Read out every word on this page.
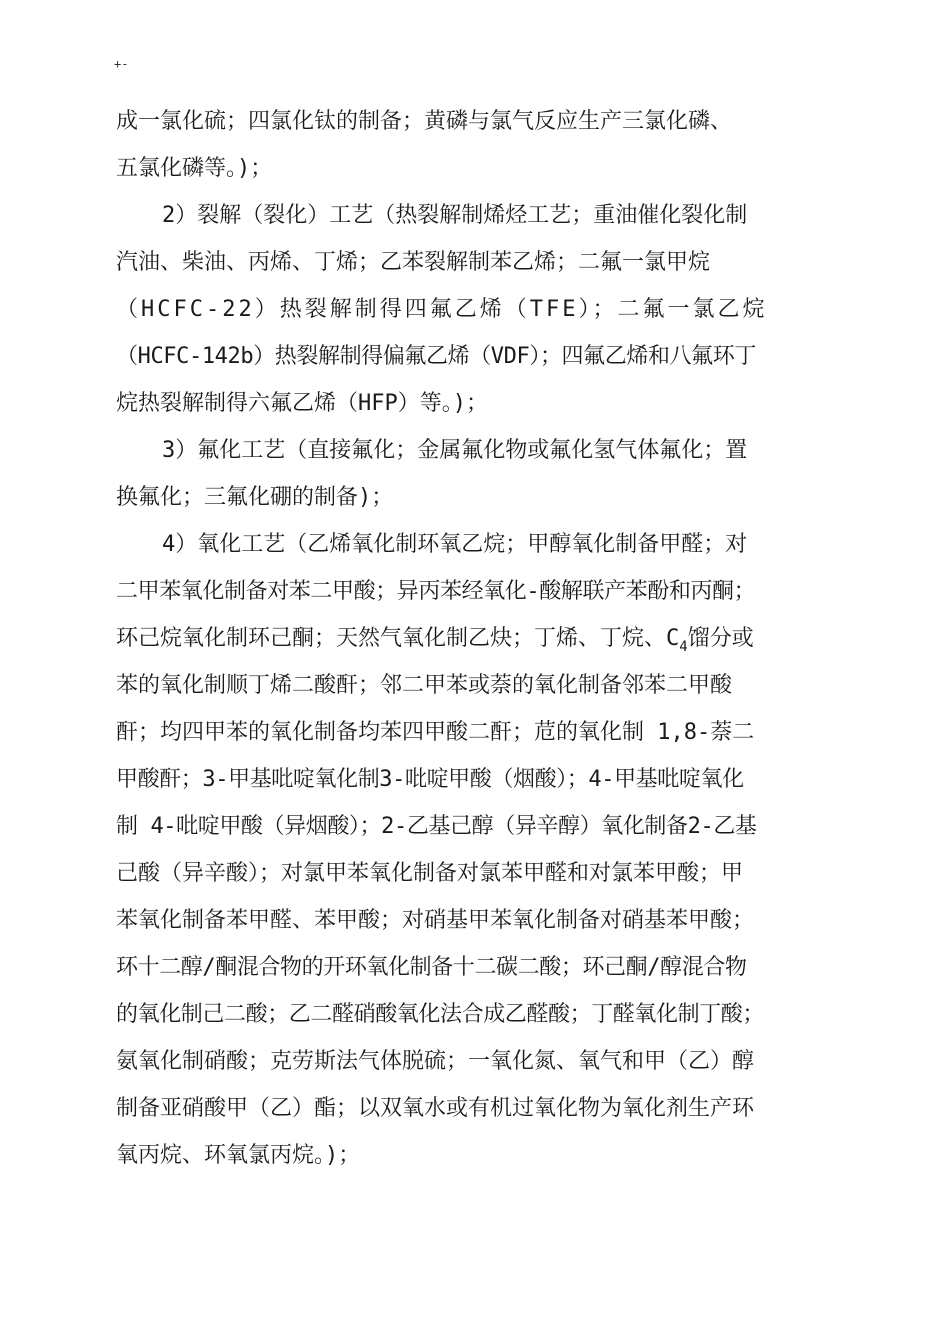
+-
成一氯化硫；四氯化钛的制备；黄磷与氯气反应生产三氯化磷、
五氯化磷等。)；
2）裂解（裂化）工艺（热裂解制烯烃工艺；重油催化裂化制
汽油、柴油、丙烯、丁烯；乙苯裂解制苯乙烯；二氟一氯甲烷
（HCFC-22）热裂解制得四氟乙烯（TFE）；二氟一氯乙烷
（HCFC-142b）热裂解制得偏氟乙烯（VDF）；四氟乙烯和八氟环丁
烷热裂解制得六氟乙烯（HFP）等。)；
3）氟化工艺（直接氟化；金属氟化物或氟化氢气体氟化；置
换氟化；三氟化硼的制备)；
4）氧化工艺（乙烯氧化制环氧乙烷；甲醇氧化制备甲醛；对
二甲苯氧化制备对苯二甲酸；异丙苯经氧化-酸解联产苯酚和丙酮；
环己烷氧化制环己酮；天然气氧化制乙炔；丁烯、丁烷、$C_4$馏分或
苯的氧化制顺丁烯二酸酐；邻二甲苯或萘的氧化制备邻苯二甲酸
酐；均四甲苯的氧化制备均苯四甲酸二酐；苊的氧化制 1,8-萘二
甲酸酐；3-甲基吡啶氧化制3-吡啶甲酸（烟酸）；4-甲基吡啶氧化
制 4-吡啶甲酸（异烟酸）；2-乙基己醇（异辛醇）氧化制备2-乙基
己酸（异辛酸）；对氯甲苯氧化制备对氯苯甲醛和对氯苯甲酸；甲
苯氧化制备苯甲醛、苯甲酸；对硝基甲苯氧化制备对硝基苯甲酸；
环十二醇/酮混合物的开环氧化制备十二碳二酸；环己酮/醇混合物
的氧化制己二酸；乙二醛硝酸氧化法合成乙醛酸；丁醛氧化制丁酸；
氨氧化制硝酸；克劳斯法气体脱硫；一氧化氮、氧气和甲（乙）醇
制备亚硝酸甲（乙）酯；以双氧水或有机过氧化物为氧化剂生产环
氧丙烷、环氧氯丙烷。)；
